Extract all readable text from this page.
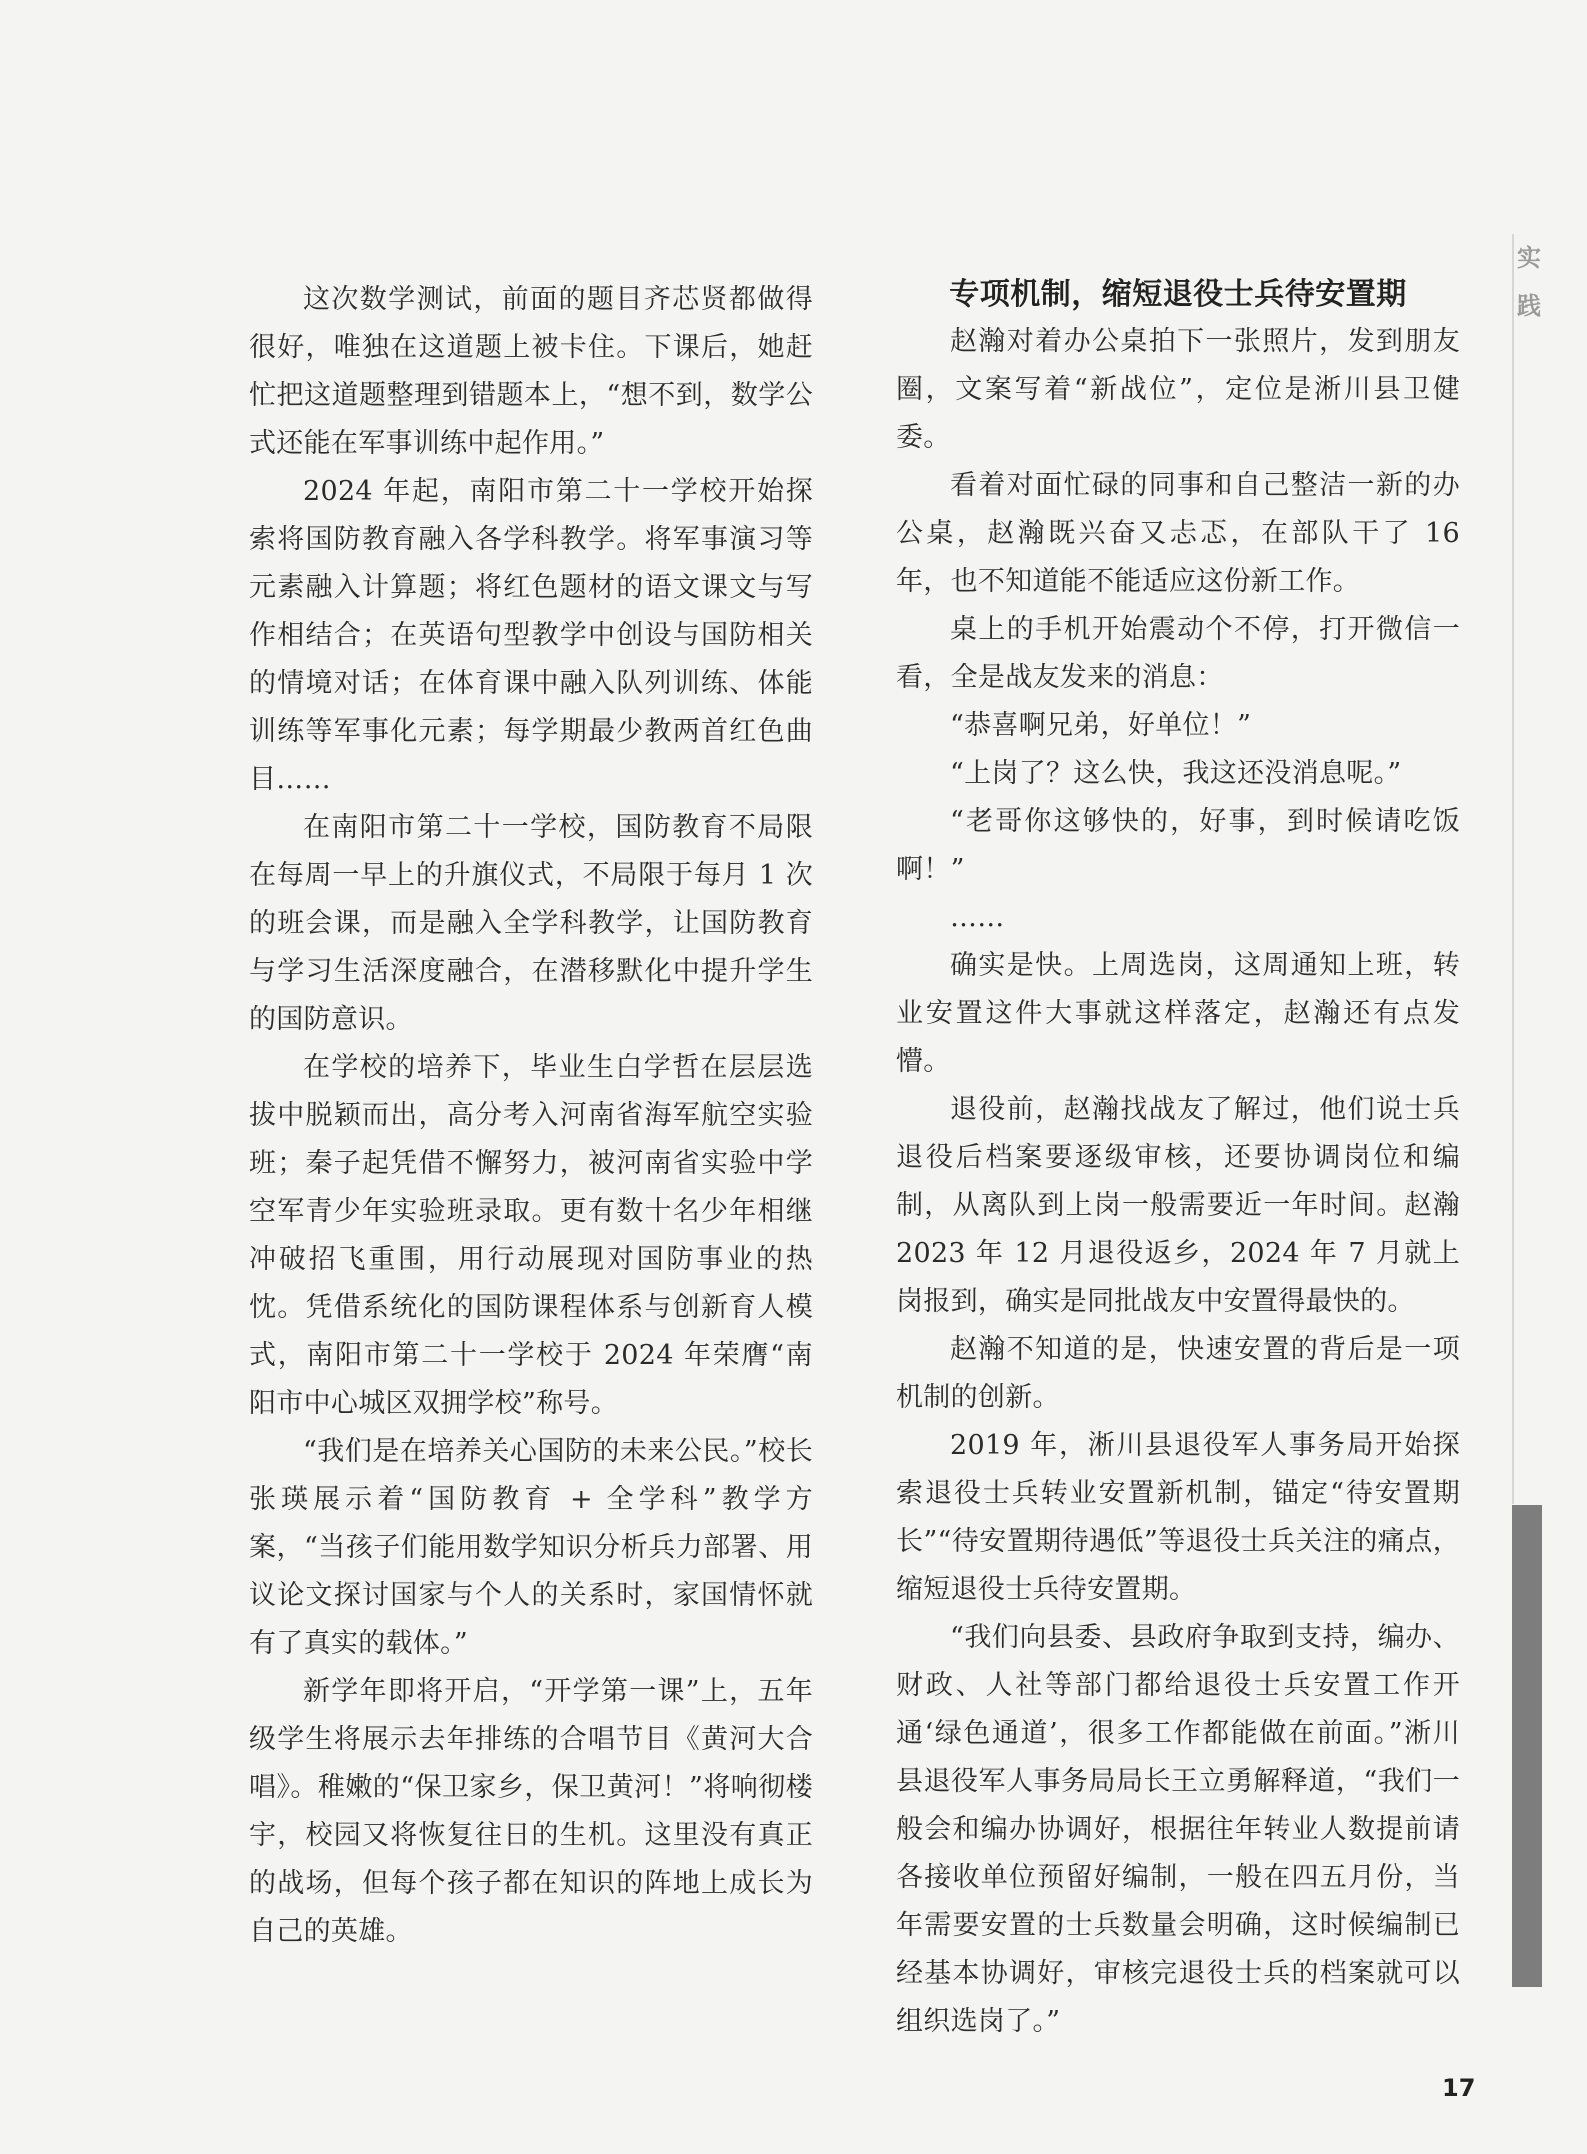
实
践

这次数学测试，前面的题目齐芯贤都做得很好，唯独在这道题上被卡住。下课后，她赶忙把这道题整理到错题本上，“想不到，数学公式还能在军事训练中起作用。”

2024 年起，南阳市第二十一学校开始探索将国防教育融入各学科教学。将军事演习等元素融入计算题；将红色题材的语文课文与写作相结合；在英语句型教学中创设与国防相关的情境对话；在体育课中融入队列训练、体能训练等军事化元素；每学期最少教两首红色曲目……

在南阳市第二十一学校，国防教育不局限在每周一早上的升旗仪式，不局限于每月 1 次的班会课，而是融入全学科教学，让国防教育与学习生活深度融合，在潜移默化中提升学生的国防意识。

在学校的培养下，毕业生白学哲在层层选拔中脱颖而出，高分考入河南省海军航空实验班；秦子起凭借不懈努力，被河南省实验中学空军青少年实验班录取。更有数十名少年相继冲破招飞重围，用行动展现对国防事业的热忱。凭借系统化的国防课程体系与创新育人模式，南阳市第二十一学校于 2024 年荣膺“南阳市中心城区双拥学校”称号。

“我们是在培养关心国防的未来公民。”校长张瑛展示着“国防教育 + 全学科”教学方案，“当孩子们能用数学知识分析兵力部署、用议论文探讨国家与个人的关系时，家国情怀就有了真实的载体。”

新学年即将开启，“开学第一课”上，五年级学生将展示去年排练的合唱节目《黄河大合唱》。稚嫩的“保卫家乡，保卫黄河！”将响彻楼宇，校园又将恢复往日的生机。这里没有真正的战场，但每个孩子都在知识的阵地上成长为自己的英雄。

专项机制，缩短退役士兵待安置期

赵瀚对着办公桌拍下一张照片，发到朋友圈，文案写着“新战位”，定位是淅川县卫健委。

看着对面忙碌的同事和自己整洁一新的办公桌，赵瀚既兴奋又忐忑，在部队干了 16 年，也不知道能不能适应这份新工作。

桌上的手机开始震动个不停，打开微信一看，全是战友发来的消息：

“恭喜啊兄弟，好单位！”

“上岗了？这么快，我这还没消息呢。”

“老哥你这够快的，好事，到时候请吃饭啊！”

……

确实是快。上周选岗，这周通知上班，转业安置这件大事就这样落定，赵瀚还有点发懵。

退役前，赵瀚找战友了解过，他们说士兵退役后档案要逐级审核，还要协调岗位和编制，从离队到上岗一般需要近一年时间。赵瀚 2023 年 12 月退役返乡，2024 年 7 月就上岗报到，确实是同批战友中安置得最快的。

赵瀚不知道的是，快速安置的背后是一项机制的创新。

2019 年，淅川县退役军人事务局开始探索退役士兵转业安置新机制，锚定“待安置期长”“待安置期待遇低”等退役士兵关注的痛点，缩短退役士兵待安置期。

“我们向县委、县政府争取到支持，编办、财政、人社等部门都给退役士兵安置工作开通‘绿色通道’，很多工作都能做在前面。”淅川县退役军人事务局局长王立勇解释道，“我们一般会和编办协调好，根据往年转业人数提前请各接收单位预留好编制，一般在四五月份，当年需要安置的士兵数量会明确，这时候编制已经基本协调好，审核完退役士兵的档案就可以组织选岗了。”

17
